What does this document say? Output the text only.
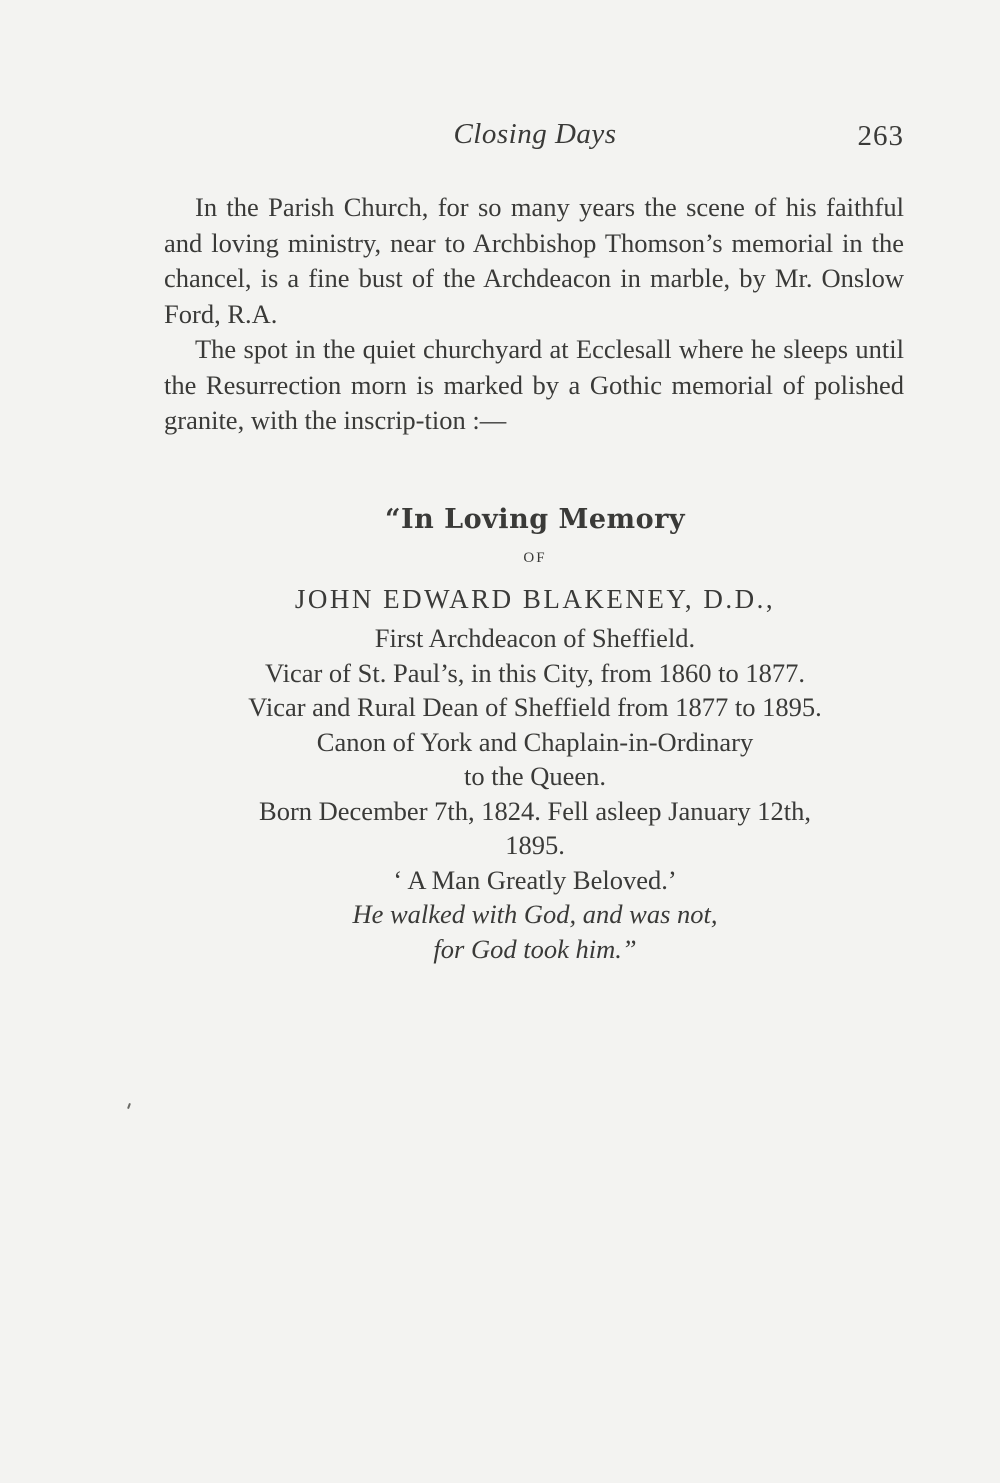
Closing Days	263

In the Parish Church, for so many years the scene of his faithful and loving ministry, near to Archbishop Thomson’s memorial in the chancel, is a fine bust of the Archdeacon in marble, by Mr. Onslow Ford, R.A.

The spot in the quiet churchyard at Ecclesall where he sleeps until the Resurrection morn is marked by a Gothic memorial of polished granite, with the inscrip-tion :—

“In Loving Memory
OF
JOHN EDWARD BLAKENEY, D.D.,
First Archdeacon of Sheffield.
Vicar of St. Paul’s, in this City, from 1860 to 1877.
Vicar and Rural Dean of Sheffield from 1877 to 1895.
Canon of York and Chaplain-in-Ordinary
to the Queen.
Born December 7th, 1824. Fell asleep January 12th,
1895.
‘ A Man Greatly Beloved.’
He walked with God, and was not,
for God took him.”
